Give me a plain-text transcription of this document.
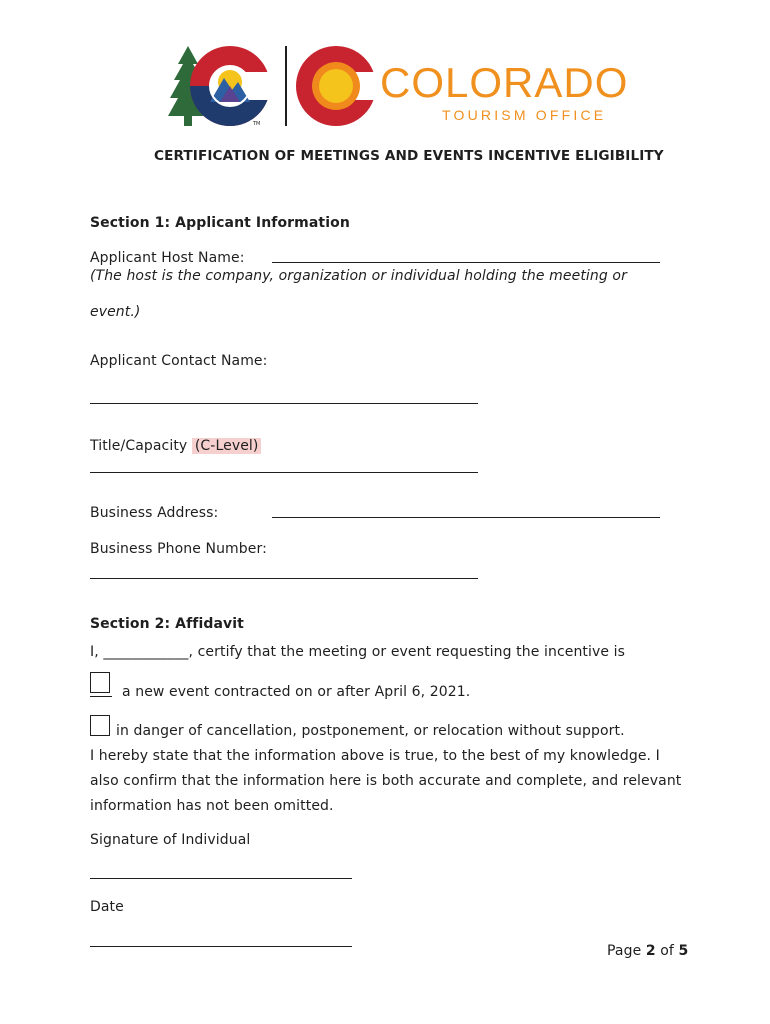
TM
COLORADO
TOURISM OFFICE
CERTIFICATION OF MEETINGS AND EVENTS INCENTIVE ELIGIBILITY
Section 1: Applicant Information
Applicant Host Name:
(The host is the company, organization or individual holding the meeting or
event.)
Applicant Contact Name:
Title/Capacity (C-Level)
Business Address:
Business Phone Number:
Section 2: Affidavit
I, ____________, certify that the meeting or event requesting the incentive is
a new event contracted on or after April 6, 2021.
in danger of cancellation, postponement, or relocation without support.
I hereby state that the information above is true, to the best of my knowledge. I
also confirm that the information here is both accurate and complete, and relevant
information has not been omitted.
Signature of Individual
Date
Page 2 of 5
